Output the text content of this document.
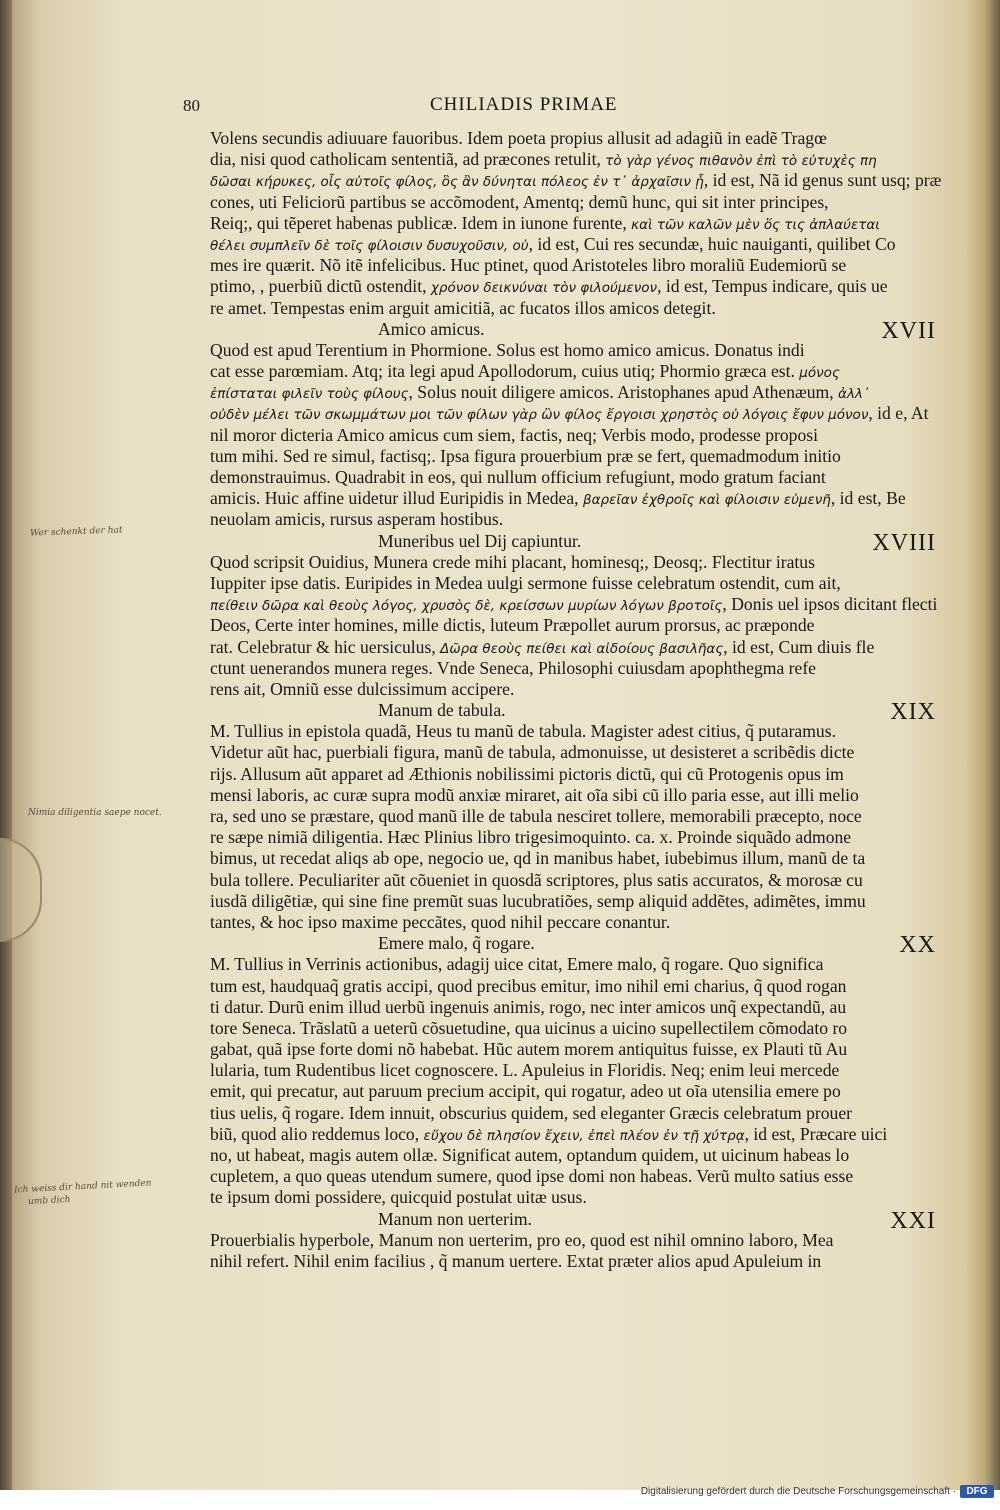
80	CHILIADIS PRIMAE
Wer schenkt der hat
Nimia diligentia saepe nocet.
Ich weiss dir hand nit wenden
umb dich
Volens secundis adiuuare fauoribus. Idem poeta propius allusit ad adagiũ in eadẽ Tragœ
dia, nisi quod catholicam sententiã, ad præcones retulit, τὸ γὰρ γένος πιθανὸν ἐπὶ τὸ εὐτυχὲς πη
δῶσαι κήρυκες, οἷς αὐτοῖς φίλος, ὃς ἂν δύνηται πόλεος ἐν τ᾽ ἀρχαῖσιν ᾖ, id est, Nã id genus sunt usq; præ
cones, uti Feliciorũ partibus se accõmodent, Amentq; demũ hunc, qui sit inter principes,
Reiq;, qui tẽperet habenas publicæ. Idem in iunone furente, καὶ τῶν καλῶν μὲν ὅς τις ἀπλαύεται
θέλει συμπλεῖν δὲ τοῖς φίλοισιν δυσυχοῦσιν, οὐ, id est, Cui res secundæ, huic nauiganti, quilibet Co
mes ire quærit. Nõ itẽ infelicibus. Huc ptinet, quod Aristoteles libro moraliũ Eudemiorũ se
ptimo, , puerbiũ dictũ ostendit, χρόνον δεικνύναι τὸν φιλούμενον, id est, Tempus indicare, quis ue
re amet. Tempestas enim arguit amicitiã, ac fucatos illos amicos detegit.
Amico amicus.	XVII
Quod est apud Terentium in Phormione. Solus est homo amico amicus. Donatus indi
cat esse parœmiam. Atq; ita legi apud Apollodorum, cuius utiq; Phormio græca est. μόνος
ἐπίσταται φιλεῖν τοὺς φίλους, Solus nouit diligere amicos. Aristophanes apud Athenæum, ἀλλ᾽
οὐδὲν μέλει τῶν σκωμμάτων μοι τῶν φίλων γὰρ ὢν φίλος ἔργοισι χρηστὸς οὐ λόγοις ἔφυν μόνον, id e, At
nil moror dicteria Amico amicus cum siem, factis, neq; Verbis modo, prodesse proposi
tum mihi. Sed re simul, factisq;. Ipsa figura prouerbium præ se fert, quemadmodum initio
demonstrauimus. Quadrabit in eos, qui nullum officium refugiunt, modo gratum faciant
amicis. Huic affine uidetur illud Euripidis in Medea, βαρεῖαν ἐχθροῖς καὶ φίλοισιν εὐμενῆ, id est, Be
neuolam amicis, rursus asperam hostibus.
Muneribus uel Dij capiuntur.	XVIII
Quod scripsit Ouidius, Munera crede mihi placant, hominesq;, Deosq;. Flectitur iratus
Iuppiter ipse datis. Euripides in Medea uulgi sermone fuisse celebratum ostendit, cum ait,
πείθειν δῶρα καὶ θεοὺς λόγος, χρυσὸς δὲ, κρείσσων μυρίων λόγων βροτοῖς, Donis uel ipsos dicitant flecti
Deos, Certe inter homines, mille dictis, luteum Præpollet aurum prorsus, ac præponde
rat. Celebratur & hic uersiculus, Δῶρα θεοὺς πείθει καὶ αἰδοίους βασιλῆας, id est, Cum diuis fle
ctunt uenerandos munera reges. Vnde Seneca, Philosophi cuiusdam apophthegma refe
rens ait, Omniũ esse dulcissimum accipere.
Manum de tabula.	XIX
M. Tullius in epistola quadã, Heus tu manũ de tabula. Magister adest citius, q̃ putaramus.
Videtur aũt hac, puerbiali figura, manũ de tabula, admonuisse, ut desisteret a scribẽdis dicte
rijs. Allusum aũt apparet ad Æthionis nobilissimi pictoris dictũ, qui cũ Protogenis opus im
mensi laboris, ac curæ supra modũ anxiæ miraret, ait oĩa sibi cũ illo paria esse, aut illi melio
ra, sed uno se præstare, quod manũ ille de tabula nesciret tollere, memorabili præcepto, noce
re sæpe nimiã diligentia. Hæc Plinius libro trigesimoquinto. ca. x. Proinde siquãdo admone
bimus, ut recedat aliqs ab ope, negocio ue, qd in manibus habet, iubebimus illum, manũ de ta
bula tollere. Peculiariter aũt cõueniet in quosdã scriptores, plus satis accuratos, & morosæ cu
iusdã diligẽtiæ, qui sine fine premũt suas lucubratiões, semp aliquid addẽtes, adimẽtes, immu
tantes, & hoc ipso maxime peccãtes, quod nihil peccare conantur.
Emere malo, q̃ rogare.	XX
M. Tullius in Verrinis actionibus, adagij uice citat, Emere malo, q̃ rogare. Quo significa
tum est, haudquaq̃ gratis accipi, quod precibus emitur, imo nihil emi charius, q̃ quod rogan
ti datur. Durũ enim illud uerbũ ingenuis animis, rogo, nec inter amicos unq̃ expectandũ, au
tore Seneca. Trãslatũ a ueterũ cõsuetudine, qua uicinus a uicino supellectilem cõmodato ro
gabat, quã ipse forte domi nõ habebat. Hũc autem morem antiquitus fuisse, ex Plauti tũ Au
lularia, tum Rudentibus licet cognoscere. L. Apuleius in Floridis. Neq; enim leui mercede
emit, qui precatur, aut paruum precium accipit, qui rogatur, adeo ut oĩa utensilia emere po
tius uelis, q̃ rogare. Idem innuit, obscurius quidem, sed eleganter Græcis celebratum prouer
biũ, quod alio reddemus loco, εὔχου δὲ πλησίον ἔχειν, ἐπεὶ πλέον ἐν τῇ χύτρᾳ, id est, Præcare uici
no, ut habeat, magis autem ollæ. Significat autem, optandum quidem, ut uicinum habeas lo
cupletem, a quo queas utendum sumere, quod ipse domi non habeas. Verũ multo satius esse
te ipsum domi possidere, quicquid postulat uitæ usus.
Manum non uerterim.	XXI
Prouerbialis hyperbole, Manum non uerterim, pro eo, quod est nihil omnino laboro, Mea
nihil refert. Nihil enim facilius , q̃ manum uertere. Extat præter alios apud Apuleium in
Digitalisierung gefördert durch die Deutsche Forschungsgemeinschaft ·	DFG
